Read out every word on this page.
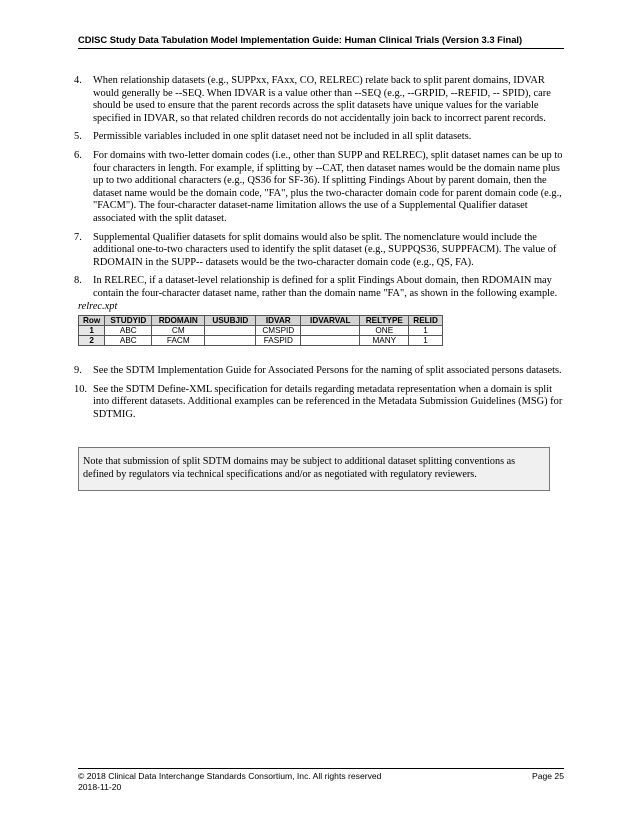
CDISC Study Data Tabulation Model Implementation Guide: Human Clinical Trials (Version 3.3 Final)
4.	When relationship datasets (e.g., SUPPxx, FAxx, CO, RELREC) relate back to split parent domains, IDVAR would generally be --SEQ. When IDVAR is a value other than --SEQ (e.g., --GRPID, --REFID, -- SPID), care should be used to ensure that the parent records across the split datasets have unique values for the variable specified in IDVAR, so that related children records do not accidentally join back to incorrect parent records.
5.	Permissible variables included in one split dataset need not be included in all split datasets.
6.	For domains with two-letter domain codes (i.e., other than SUPP and RELREC), split dataset names can be up to four characters in length. For example, if splitting by --CAT, then dataset names would be the domain name plus up to two additional characters (e.g., QS36 for SF-36). If splitting Findings About by parent domain, then the dataset name would be the domain code, "FA", plus the two-character domain code for parent domain code (e.g., "FACM"). The four-character dataset-name limitation allows the use of a Supplemental Qualifier dataset associated with the split dataset.
7.	Supplemental Qualifier datasets for split domains would also be split. The nomenclature would include the additional one-to-two characters used to identify the split dataset (e.g., SUPPQS36, SUPPFACM). The value of RDOMAIN in the SUPP-- datasets would be the two-character domain code (e.g., QS, FA).
8.	In RELREC, if a dataset-level relationship is defined for a split Findings About domain, then RDOMAIN may contain the four-character dataset name, rather than the domain name "FA", as shown in the following example.
relrec.xpt
Row	STUDYID	RDOMAIN	USUBJID	IDVAR	IDVARVAL	RELTYPE	RELID
1	ABC	CM		CMSPID		ONE	1
2	ABC	FACM		FASPID		MANY	1
9.	See the SDTM Implementation Guide for Associated Persons for the naming of split associated persons datasets.
10. See the SDTM Define-XML specification for details regarding metadata representation when a domain is split into different datasets. Additional examples can be referenced in the Metadata Submission Guidelines (MSG) for SDTMIG.
Note that submission of split SDTM domains may be subject to additional dataset splitting conventions as defined by regulators via technical specifications and/or as negotiated with regulatory reviewers.
© 2018 Clinical Data Interchange Standards Consortium, Inc. All rights reserved	Page 25
2018-11-20
